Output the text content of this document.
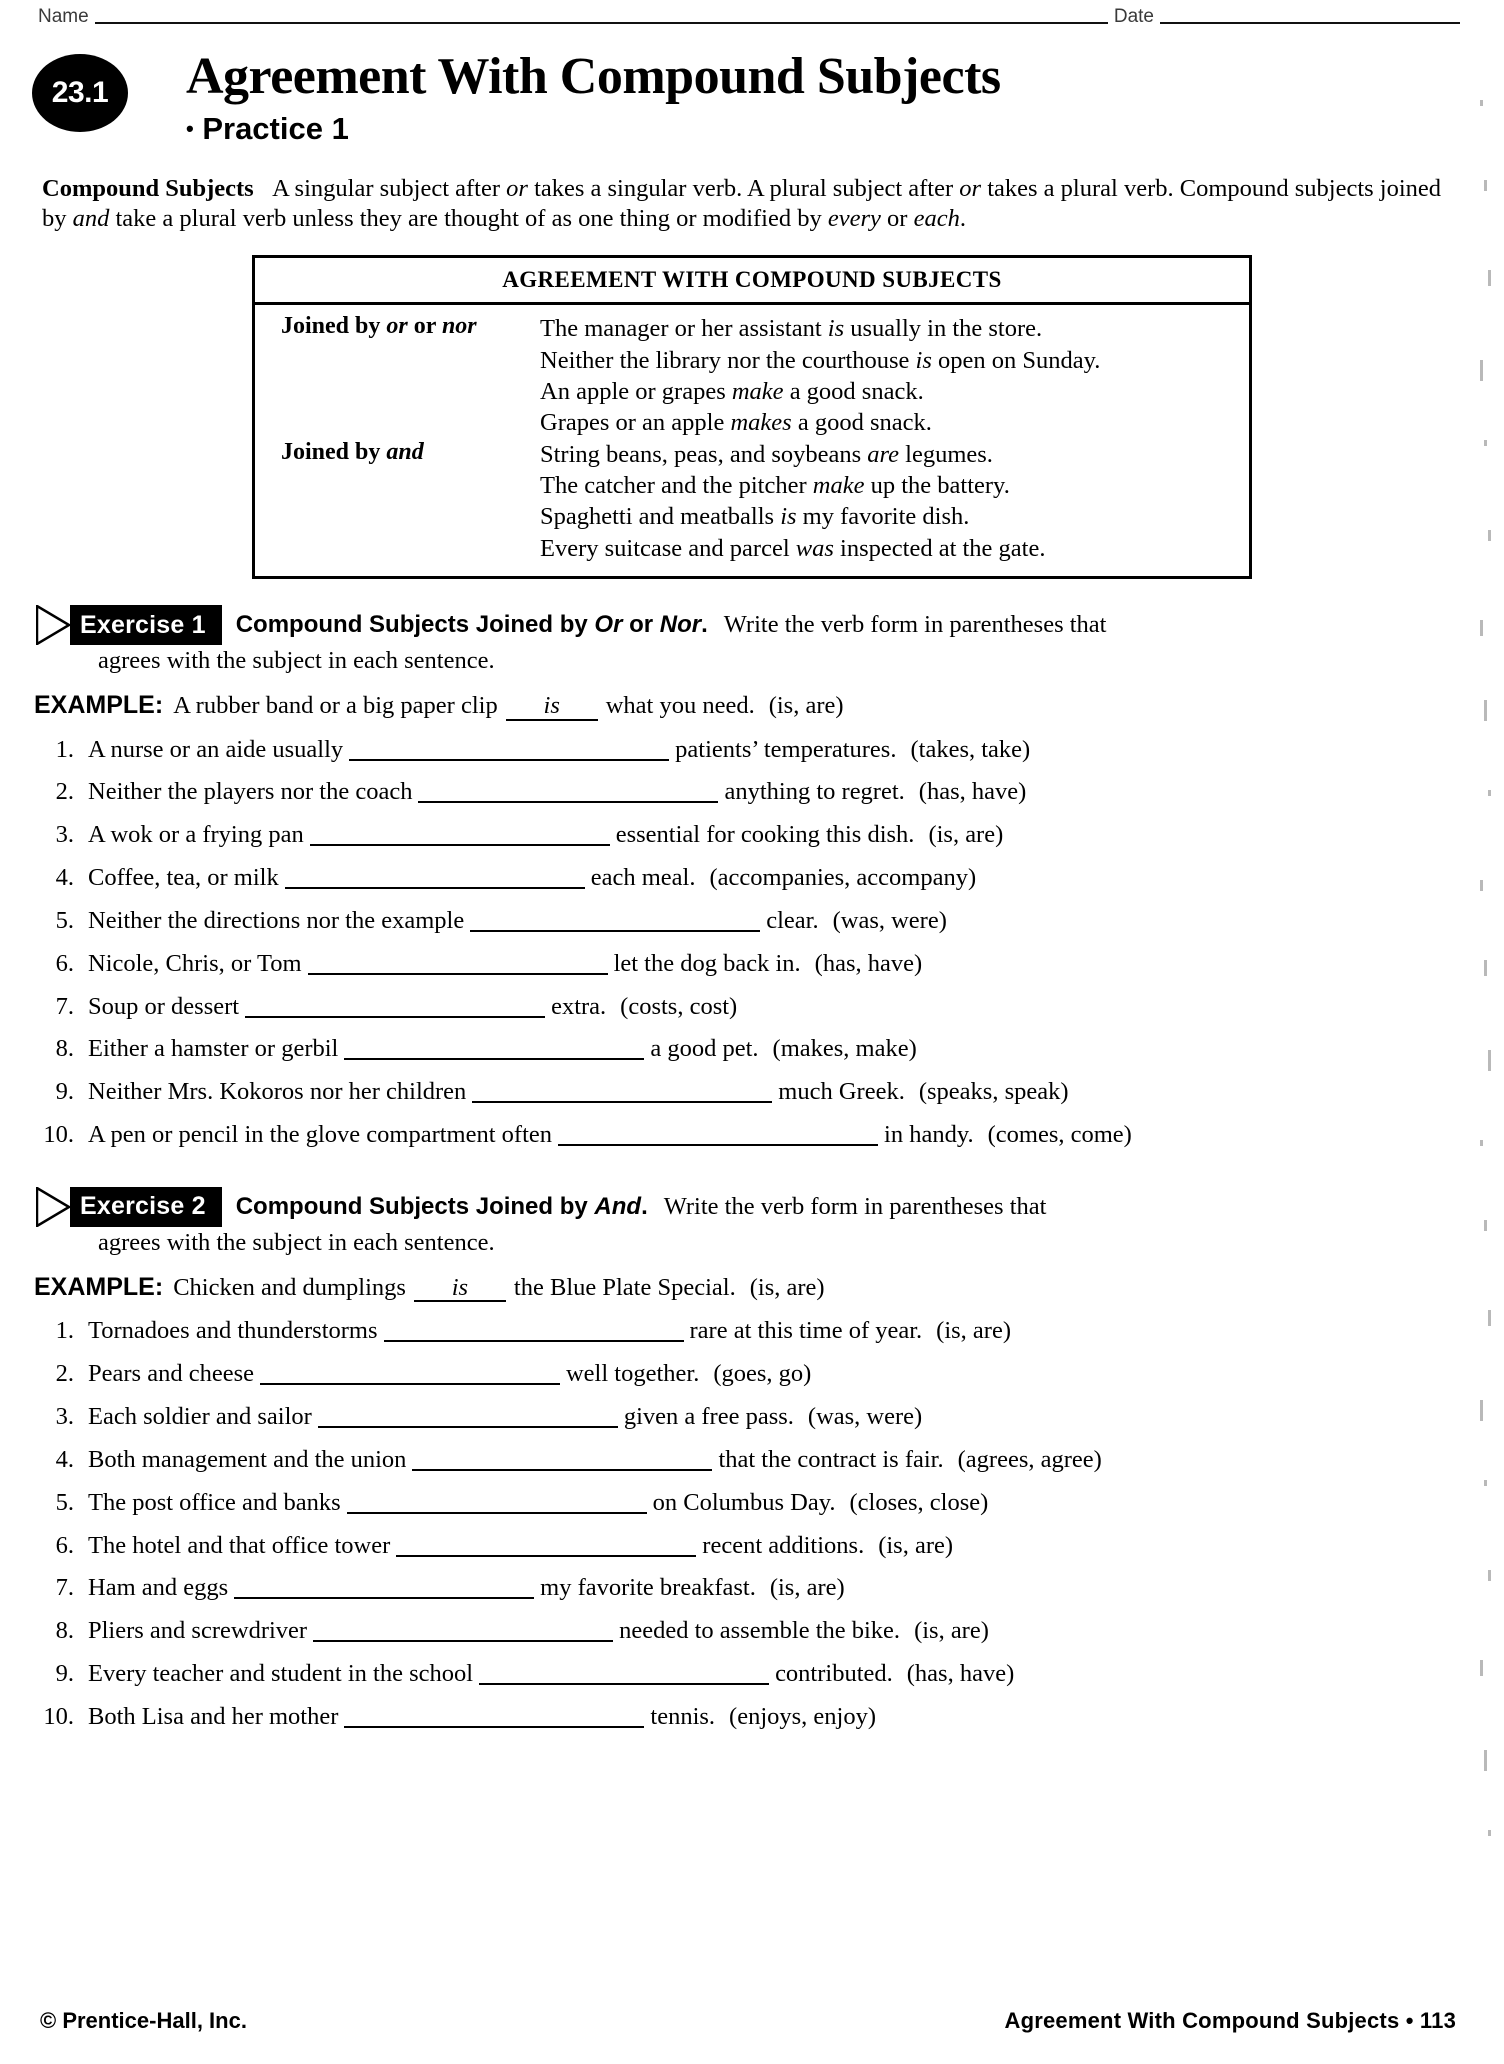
Name	Date
23.1	Agreement With Compound Subjects
• Practice 1
Compound Subjects A singular subject after or takes a singular verb. A plural subject after or takes a plural verb. Compound subjects joined by and take a plural verb unless they are thought of as one thing or modified by every or each.
AGREEMENT WITH COMPOUND SUBJECTS
Joined by or or nor	The manager or her assistant is usually in the store.
Neither the library nor the courthouse is open on Sunday.
An apple or grapes make a good snack.
Grapes or an apple makes a good snack.
Joined by and	String beans, peas, and soybeans are legumes.
The catcher and the pitcher make up the battery.
Spaghetti and meatballs is my favorite dish.
Every suitcase and parcel was inspected at the gate.
Exercise 1	Compound Subjects Joined by Or or Nor. Write the verb form in parentheses that
agrees with the subject in each sentence.
EXAMPLE: A rubber band or a big paper clip	is	what you need. (is, are)
1. A nurse or an aide usually	patients’ temperatures. (takes, take)
2. Neither the players nor the coach	anything to regret. (has, have)
3. A wok or a frying pan	essential for cooking this dish. (is, are)
4. Coffee, tea, or milk	each meal. (accompanies, accompany)
5. Neither the directions nor the example	clear. (was, were)
6. Nicole, Chris, or Tom	let the dog back in. (has, have)
7. Soup or dessert	extra. (costs, cost)
8. Either a hamster or gerbil	a good pet. (makes, make)
9. Neither Mrs. Kokoros nor her children	much Greek. (speaks, speak)
10. A pen or pencil in the glove compartment often	in handy. (comes, come)
Exercise 2	Compound Subjects Joined by And. Write the verb form in parentheses that
agrees with the subject in each sentence.
EXAMPLE: Chicken and dumplings	is	the Blue Plate Special. (is, are)
1. Tornadoes and thunderstorms	rare at this time of year. (is, are)
2. Pears and cheese	well together. (goes, go)
3. Each soldier and sailor	given a free pass. (was, were)
4. Both management and the union	that the contract is fair. (agrees, agree)
5. The post office and banks	on Columbus Day. (closes, close)
6. The hotel and that office tower	recent additions. (is, are)
7. Ham and eggs	my favorite breakfast. (is, are)
8. Pliers and screwdriver	needed to assemble the bike. (is, are)
9. Every teacher and student in the school	contributed. (has, have)
10. Both Lisa and her mother	tennis. (enjoys, enjoy)
© Prentice-Hall, Inc.	Agreement With Compound Subjects • 113
